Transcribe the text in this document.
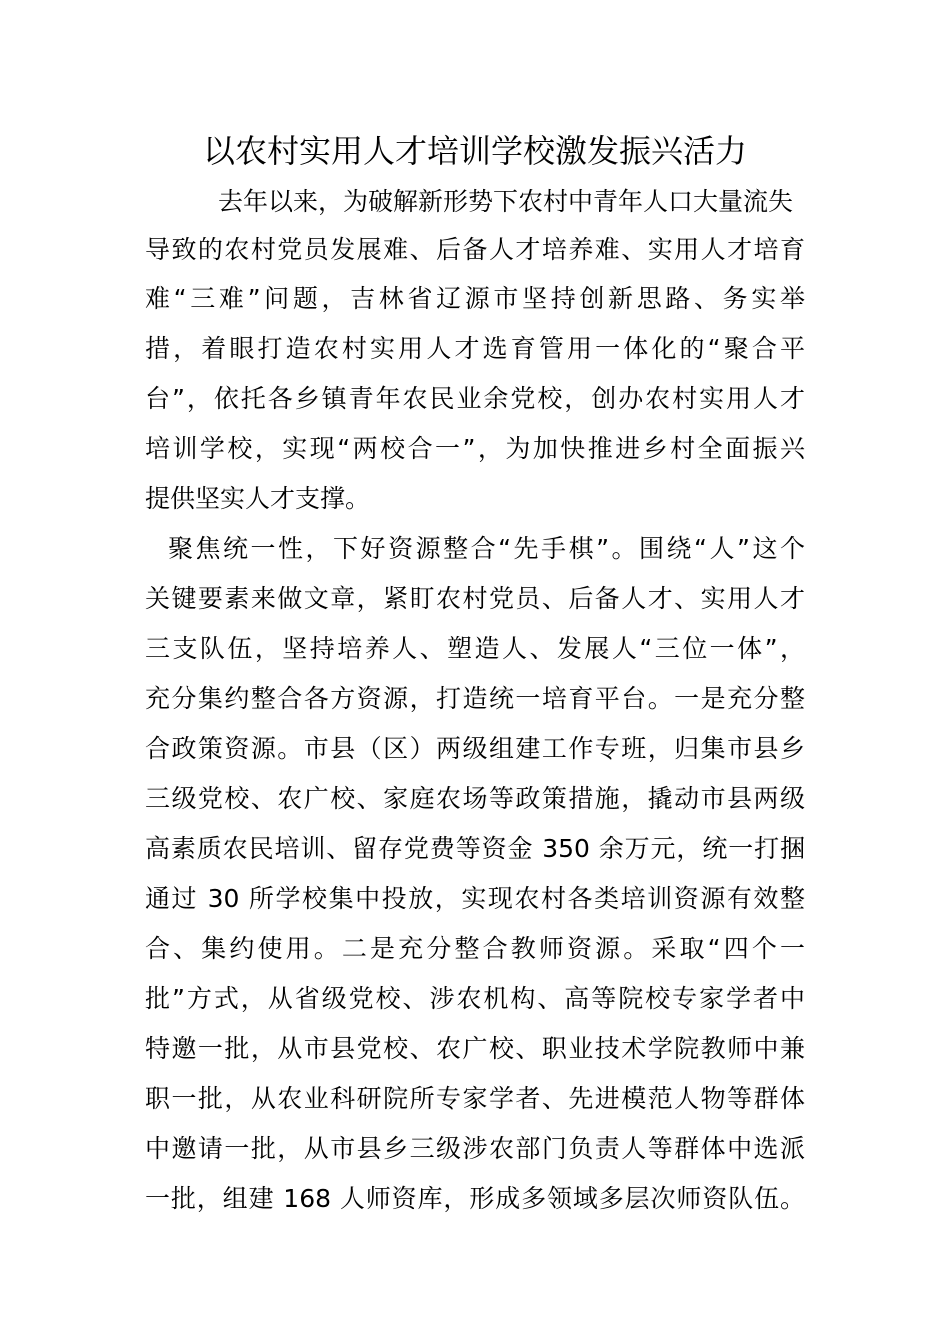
以农村实用人才培训学校激发振兴活力

去年以来，为破解新形势下农村中青年人口大量流失

导致的农村党员发展难、后备人才培养难、实用人才培育

难“三难”问题，吉林省辽源市坚持创新思路、务实举

措，着眼打造农村实用人才选育管用一体化的“聚合平

台”，依托各乡镇青年农民业余党校，创办农村实用人才

培训学校，实现“两校合一”，为加快推进乡村全面振兴

提供坚实人才支撑。

聚焦统一性，下好资源整合“先手棋”。围绕“人”这个

关键要素来做文章，紧盯农村党员、后备人才、实用人才

三支队伍，坚持培养人、塑造人、发展人“三位一体”，

充分集约整合各方资源，打造统一培育平台。一是充分整

合政策资源。市县（区）两级组建工作专班，归集市县乡

三级党校、农广校、家庭农场等政策措施，撬动市县两级

高素质农民培训、留存党费等资金 350 余万元，统一打捆

通过 30 所学校集中投放，实现农村各类培训资源有效整

合、集约使用。二是充分整合教师资源。采取“四个一

批”方式，从省级党校、涉农机构、高等院校专家学者中

特邀一批，从市县党校、农广校、职业技术学院教师中兼

职一批，从农业科研院所专家学者、先进模范人物等群体

中邀请一批，从市县乡三级涉农部门负责人等群体中选派

一批，组建 168 人师资库，形成多领域多层次师资队伍。
